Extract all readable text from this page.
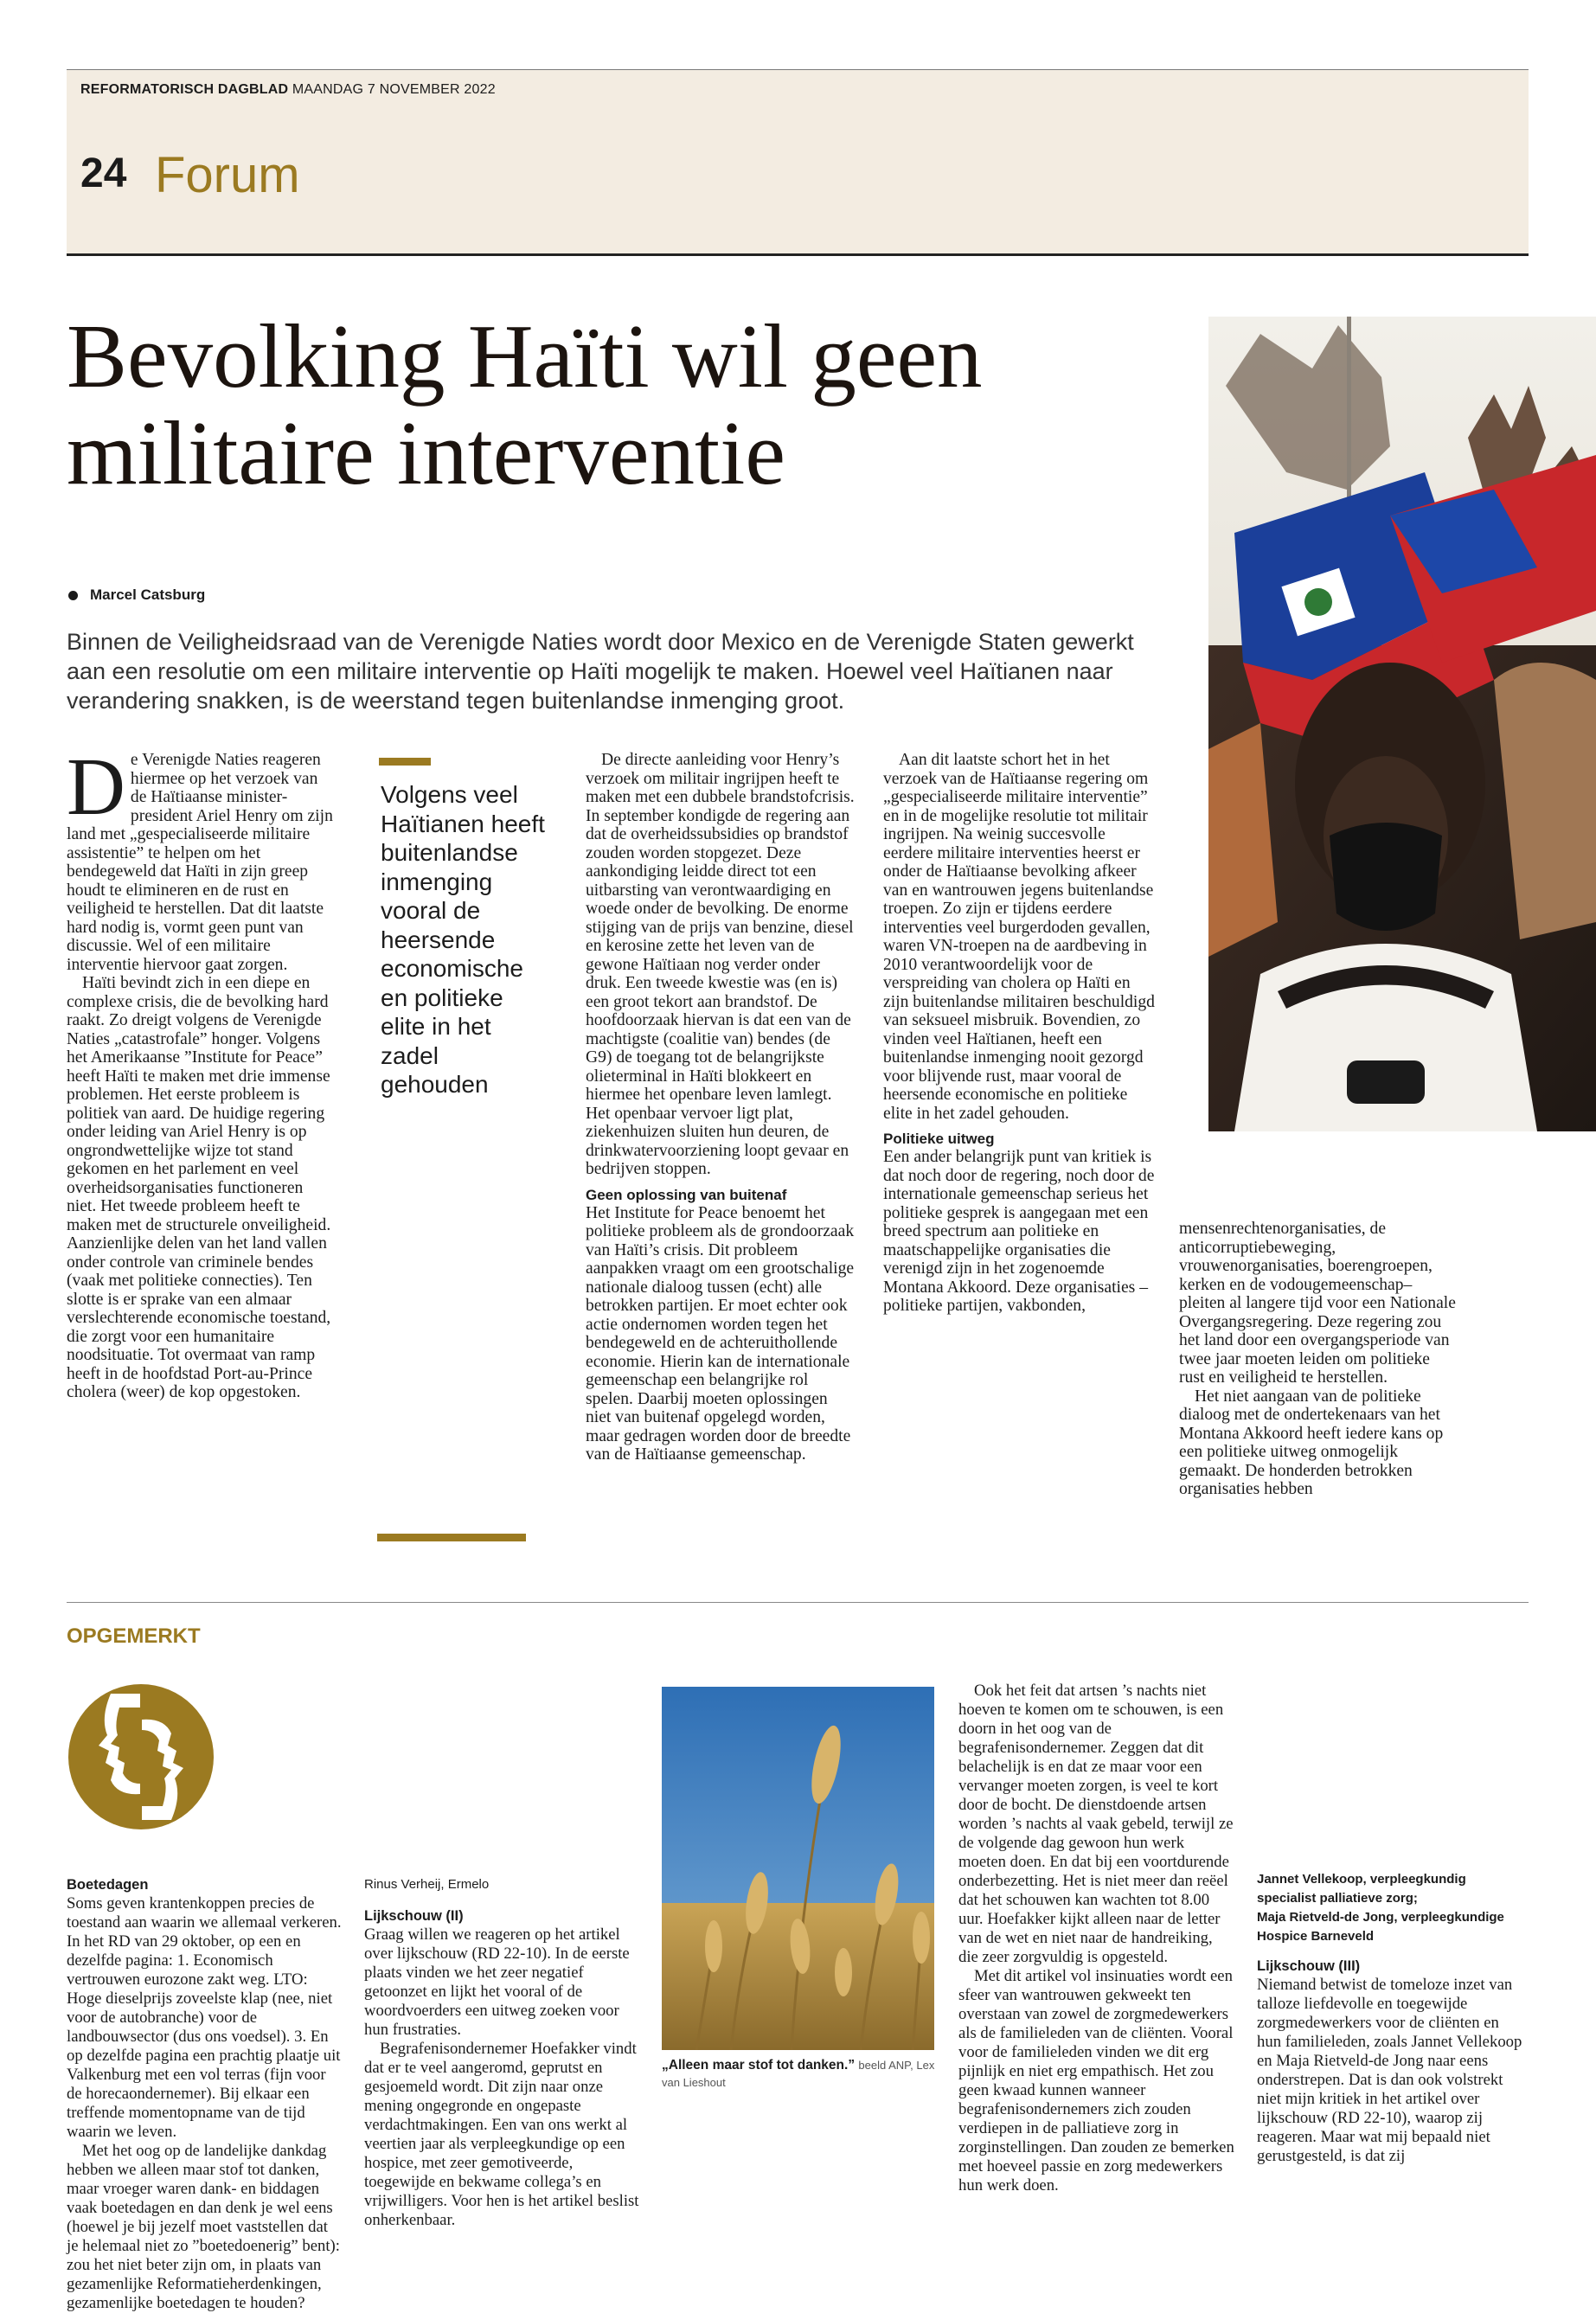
REFORMATORISCH DAGBLAD MAANDAG 7 NOVEMBER 2022
24 Forum
Bevolking Haïti wil geen
militaire interventie
Marcel Catsburg

Binnen de Veiligheidsraad van de Verenigde Naties wordt door Mexico en de Verenigde Staten gewerkt aan een resolutie om een militaire interventie op Haïti mogelijk te maken. Hoewel veel Haïtianen naar verandering snakken, is de weerstand tegen buitenlandse inmenging groot.

De Verenigde Naties reageren hiermee op het verzoek van de Haïtiaanse minister-president Ariel Henry om zijn land met „gespecialiseerde militaire assistentie” te helpen om het bendegeweld dat Haïti in zijn greep houdt te elimineren en de rust en veiligheid te herstellen. Dat dit laatste hard nodig is, vormt geen punt van discussie. Wel of een militaire interventie hiervoor gaat zorgen.

Haïti bevindt zich in een diepe en complexe crisis, die de bevolking hard raakt. Zo dreigt volgens de Verenigde Naties „catastrofale” honger. Volgens het Amerikaanse ”Institute for Peace” heeft Haïti te maken met drie immense problemen. Het eerste probleem is politiek van aard. De huidige regering onder leiding van Ariel Henry is op ongrondwettelijke wijze tot stand gekomen en het parlement en veel overheidsorganisaties functioneren niet. Het tweede probleem heeft te maken met de structurele onveiligheid. Aanzienlijke delen van het land vallen onder controle van criminele bendes (vaak met politieke connecties). Ten slotte is er sprake van een almaar verslechterende economische toestand, die zorgt voor een humanitaire noodsituatie. Tot overmaat van ramp heeft in de hoofdstad Port-au-Prince cholera (weer) de kop opgestoken.

Volgens veel Haïtianen heeft buitenlandse inmenging vooral de heersende economische en politieke elite in het zadel gehouden

De directe aanleiding voor Henry’s verzoek om militair ingrijpen heeft te maken met een dubbele brandstofcrisis. In september kondigde de regering aan dat de overheidssubsidies op brandstof zouden worden stopgezet. Deze aankondiging leidde direct tot een uitbarsting van verontwaardiging en woede onder de bevolking. De enorme stijging van de prijs van benzine, diesel en kerosine zette het leven van de gewone Haïtiaan nog verder onder druk. Een tweede kwestie was (en is) een groot tekort aan brandstof. De hoofdoorzaak hiervan is dat een van de machtigste (coalitie van) bendes (de G9) de toegang tot de belangrijkste olieterminal in Haïti blokkeert en hiermee het openbare leven lamlegt. Het openbaar vervoer ligt plat, ziekenhuizen sluiten hun deuren, de drinkwatervoorziening loopt gevaar en bedrijven stoppen.

Geen oplossing van buitenaf

Het Institute for Peace benoemt het politieke probleem als de grondoorzaak van Haïti’s crisis. Dit probleem aanpakken vraagt om een grootschalige nationale dialoog tussen (echt) alle betrokken partijen. Er moet echter ook actie ondernomen worden tegen het bendegeweld en de achteruithollende economie. Hierin kan de internationale gemeenschap een belangrijke rol spelen. Daarbij moeten oplossingen niet van buitenaf opgelegd worden, maar gedragen worden door de breedte van de Haïtiaanse gemeenschap.

Aan dit laatste schort het in het verzoek van de Haïtiaanse regering om „gespecialiseerde militaire interventie” en in de mogelijke resolutie tot militair ingrijpen. Na weinig succesvolle eerdere militaire interventies heerst er onder de Haïtiaanse bevolking afkeer van en wantrouwen jegens buitenlandse troepen. Zo zijn er tijdens eerdere interventies veel burgerdoden gevallen, waren VN-troepen na de aardbeving in 2010 verantwoordelijk voor de verspreiding van cholera op Haïti en zijn buitenlandse militairen beschuldigd van seksueel misbruik. Bovendien, zo vinden veel Haïtianen, heeft een buitenlandse inmenging nooit gezorgd voor blijvende rust, maar vooral de heersende economische en politieke elite in het zadel gehouden.

Politieke uitweg

Een ander belangrijk punt van kritiek is dat noch door de regering, noch door de internationale gemeenschap serieus het politieke gesprek is aangegaan met een breed spectrum aan politieke en maatschappelijke organisaties die verenigd zijn in het zogenoemde Montana Akkoord. Deze organisaties –politieke partijen, vakbonden,

mensenrechtenorganisaties, de anticorruptiebeweging, vrouwenorganisaties, boerengroepen, kerken en de vodougemeenschap– pleiten al langere tijd voor een Nationale Overgangsregering. Deze regering zou het land door een overgangsperiode van twee jaar moeten leiden om politieke rust en veiligheid te herstellen.

Het niet aangaan van de politieke dialoog met de ondertekenaars van het Montana Akkoord heeft iedere kans op een politieke uitweg onmogelijk gemaakt. De honderden betrokken organisaties hebben

OPGEMERKT
Boetedagen

Soms geven krantenkoppen precies de toestand aan waarin we allemaal verkeren. In het RD van 29 oktober, op een en dezelfde pagina: 1. Economisch vertrouwen eurozone zakt weg. LTO: Hoge dieselprijs zoveelste klap (nee, niet voor de autobranche) voor de landbouwsector (dus ons voedsel). 3. En op dezelfde pagina een prachtig plaatje uit Valkenburg met een vol terras (fijn voor de horecaondernemer). Bij elkaar een treffende momentopname van de tijd waarin we leven.

Met het oog op de landelijke dankdag hebben we alleen maar stof tot danken, maar vroeger waren dank- en biddagen vaak boetedagen en dan denk je wel eens (hoewel je bij jezelf moet vaststellen dat je helemaal niet zo ”boetedoenerig” bent): zou het niet beter zijn om, in plaats van gezamenlijke Reformatieherdenkingen, gezamenlijke boetedagen te houden?

Rinus Verheij, Ermelo

Lijkschouw (II)

Graag willen we reageren op het artikel over lijkschouw (RD 22-10). In de eerste plaats vinden we het zeer negatief getoonzet en lijkt het vooral of de woordvoerders een uitweg zoeken voor hun frustraties.

Begrafenisondernemer Hoefakker vindt dat er te veel aangeromd, geprutst en gesjoemeld wordt. Dit zijn naar onze mening ongegronde en ongepaste verdachtmakingen. Een van ons werkt al veertien jaar als verpleegkundige op een hospice, met zeer gemotiveerde, toegewijde en bekwame collega’s en vrijwilligers. Voor hen is het artikel beslist onherkenbaar.

„Alleen maar stof tot danken.” beeld ANP, Lex van Lieshout

Ook het feit dat artsen ’s nachts niet hoeven te komen om te schouwen, is een doorn in het oog van de begrafenisondernemer. Zeggen dat dit belachelijk is en dat ze maar voor een vervanger moeten zorgen, is veel te kort door de bocht. De dienstdoende artsen worden ’s nachts al vaak gebeld, terwijl ze de volgende dag gewoon hun werk moeten doen. En dat bij een voortdurende onderbezetting. Het is niet meer dan reëel dat het schouwen kan wachten tot 8.00 uur. Hoefakker kijkt alleen naar de letter van de wet en niet naar de handreiking, die zeer zorgvuldig is opgesteld.

Met dit artikel vol insinuaties wordt een sfeer van wantrouwen gekweekt ten overstaan van zowel de zorgmedewerkers als de familieleden van de cliënten. Vooral voor de familieleden vinden we dit erg pijnlijk en niet erg empathisch. Het zou geen kwaad kunnen wanneer begrafenisondernemers zich zouden verdiepen in de palliatieve zorg in zorginstellingen. Dan zouden ze bemerken met hoeveel passie en zorg medewerkers hun werk doen.

Jannet Vellekoop, verpleegkundig specialist palliatieve zorg;
Maja Rietveld-de Jong, verpleegkundige Hospice Barneveld

Lijkschouw (III)

Niemand betwist de tomeloze inzet van talloze liefdevolle en toegewijde zorgmedewerkers voor de cliënten en hun familieleden, zoals Jannet Vellekoop en Maja Rietveld-de Jong naar eens onderstrepen. Dat is dan ook volstrekt niet mijn kritiek in het artikel over lijkschouw (RD 22-10), waarop zij reageren. Maar wat mij bepaald niet gerustgesteld, is dat zij
